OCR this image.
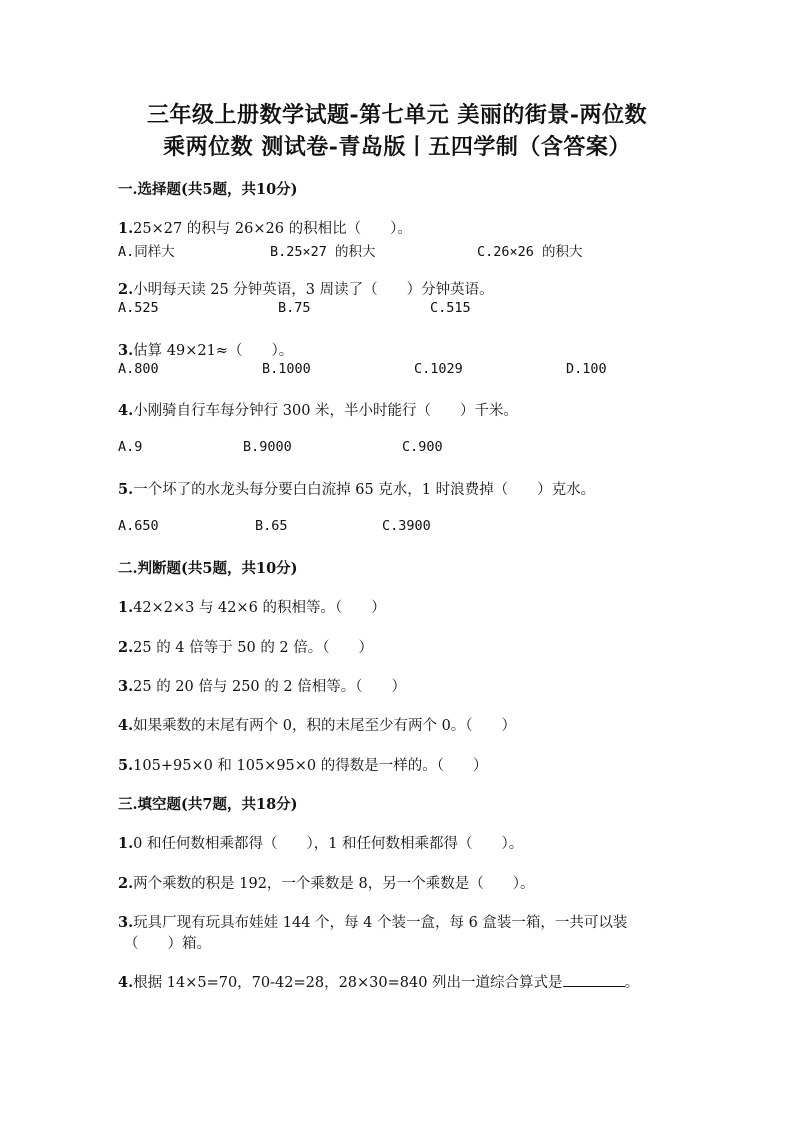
三年级上册数学试题-第七单元 美丽的街景-两位数
乘两位数 测试卷-青岛版丨五四学制（含答案）
一.选择题(共5题，共10分)
1.25×27 的积与 26×26 的积相比（　　）。
A.同样大	B.25×27 的积大	C.26×26 的积大
2.小明每天读 25 分钟英语，3 周读了（　　）分钟英语。
A.525	B.75	C.515
3.估算 49×21≈（　　）。
A.800	B.1000	C.1029	D.100
4.小刚骑自行车每分钟行 300 米，半小时能行（　　）千米。
A.9	B.9000	C.900
5.一个坏了的水龙头每分要白白流掉 65 克水，1 时浪费掉（　　）克水。
A.650	B.65	C.3900
二.判断题(共5题，共10分)
1.42×2×3 与 42×6 的积相等。（　　）
2.25 的 4 倍等于 50 的 2 倍。（　　）
3.25 的 20 倍与 250 的 2 倍相等。（　　）
4.如果乘数的末尾有两个 0，积的末尾至少有两个 0。（　　）
5.105+95×0 和 105×95×0 的得数是一样的。（　　）
三.填空题(共7题，共18分)
1.0 和任何数相乘都得（　　），1 和任何数相乘都得（　　）。
2.两个乘数的积是 192，一个乘数是 8，另一个乘数是（　　）。
3.玩具厂现有玩具布娃娃 144 个，每 4 个装一盒，每 6 盒装一箱，一共可以装
（　　）箱。
4.根据 14×5=70，70-42=28，28×30=840 列出一道综合算式是	。
